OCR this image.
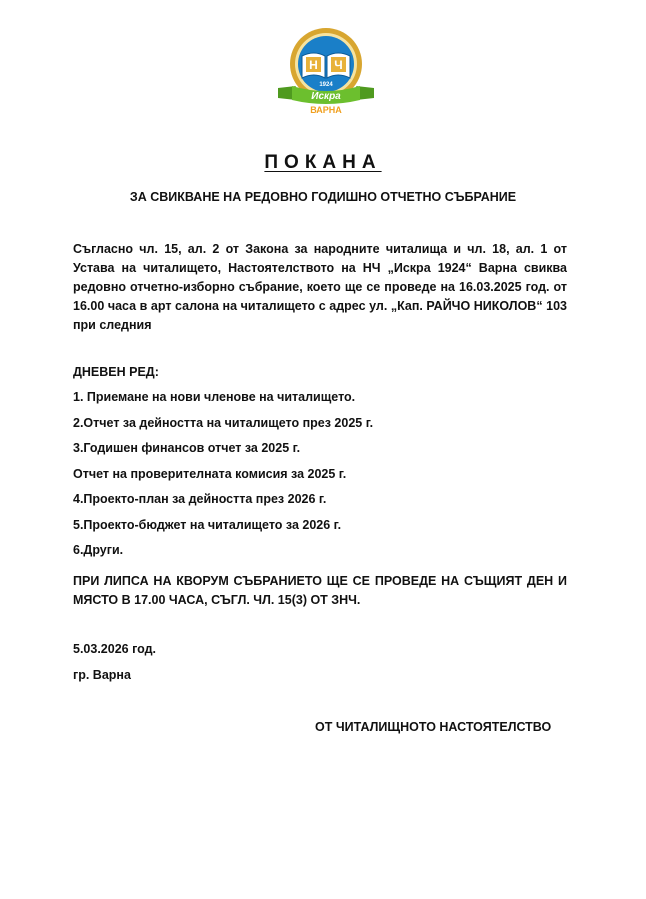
Н Ч
1924
Искра
ВАРНА
ПОКАНА
ЗА СВИКВАНЕ НА РЕДОВНО ГОДИШНО ОТЧЕТНО СЪБРАНИЕ
Съгласно чл. 15, ал. 2 от Закона за народните читалища и чл. 18, ал. 1 от Устава на читалището, Настоятелството на НЧ „Искра 1924“ Варна свиква редовно отчетно-изборно събрание, което ще се проведе на 16.03.2025 год. от 16.00 часа в арт салона на читалището с адрес ул. „Кап. РАЙЧО НИКОЛОВ“ 103 при следния
ДНЕВЕН РЕД:
1. Приемане на нови членове на читалището.
2.Отчет за дейността на читалището през 2025 г.
3.Годишен финансов отчет за 2025 г.
Отчет на проверителната комисия за 2025 г.
4.Проекто-план за дейността през 2026 г.
5.Проекто-бюджет на читалището за 2026 г.
6.Други.
ПРИ ЛИПСА НА КВОРУМ СЪБРАНИЕТО ЩЕ СЕ ПРОВЕДЕ НА СЪЩИЯТ ДЕН И МЯСТО В 17.00 ЧАСА, СЪГЛ. ЧЛ. 15(3) ОТ ЗНЧ.
5.03.2026 год.
гр. Варна
ОТ ЧИТАЛИЩНОТО НАСТОЯТЕЛСТВО
